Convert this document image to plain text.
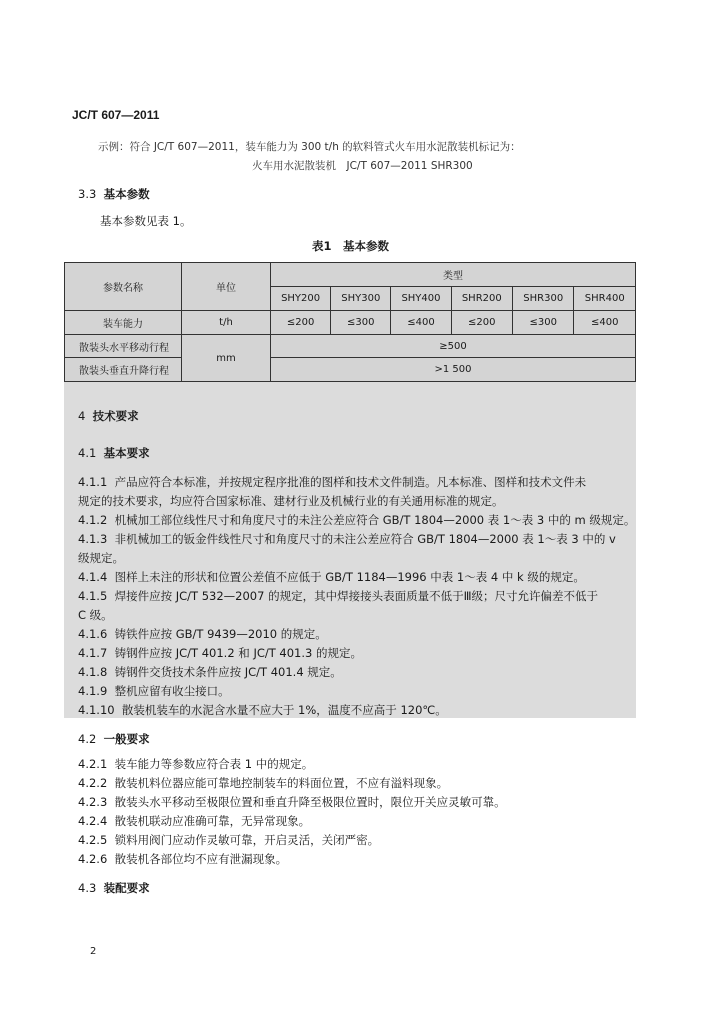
JC/T 607—2011
示例：符合 JC/T 607—2011，装车能力为 300 t/h 的软料管式火车用水泥散装机标记为：
火车用水泥散装机　JC/T 607—2011 SHR300
3.3 基本参数
基本参数见表 1。
表1　基本参数
参数名称	单位	类型					
		SHY200	SHY300	SHY400	SHR200	SHR300	SHR400
装车能力	t/h	≤200	≤300	≤400	≤200	≤300	≤400
散装头水平移动行程	mm	≥500					
散装头垂直升降行程		>1 500					
4 技术要求
4.1 基本要求
4.1.1 产品应符合本标准，并按规定程序批准的图样和技术文件制造。凡本标准、图样和技术文件未
规定的技术要求，均应符合国家标准、建材行业及机械行业的有关通用标准的规定。
4.1.2 机械加工部位线性尺寸和角度尺寸的未注公差应符合 GB/T 1804—2000 表 1～表 3 中的 m 级规定。
4.1.3 非机械加工的钣金件线性尺寸和角度尺寸的未注公差应符合 GB/T 1804—2000 表 1～表 3 中的 v
级规定。
4.1.4 图样上未注的形状和位置公差值不应低于 GB/T 1184—1996 中表 1～表 4 中 k 级的规定。
4.1.5 焊接件应按 JC/T 532—2007 的规定，其中焊接接头表面质量不低于Ⅲ级；尺寸允许偏差不低于
C 级。
4.1.6 铸铁件应按 GB/T 9439—2010 的规定。
4.1.7 铸钢件应按 JC/T 401.2 和 JC/T 401.3 的规定。
4.1.8 铸钢件交货技术条件应按 JC/T 401.4 规定。
4.1.9 整机应留有收尘接口。
4.1.10 散装机装车的水泥含水量不应大于 1%，温度不应高于 120℃。
4.2 一般要求
4.2.1 装车能力等参数应符合表 1 中的规定。
4.2.2 散装机料位器应能可靠地控制装车的料面位置，不应有溢料现象。
4.2.3 散装头水平移动至极限位置和垂直升降至极限位置时，限位开关应灵敏可靠。
4.2.4 散装机联动应准确可靠，无异常现象。
4.2.5 锁料用阀门应动作灵敏可靠，开启灵活，关闭严密。
4.2.6 散装机各部位均不应有泄漏现象。
4.3 装配要求
2
